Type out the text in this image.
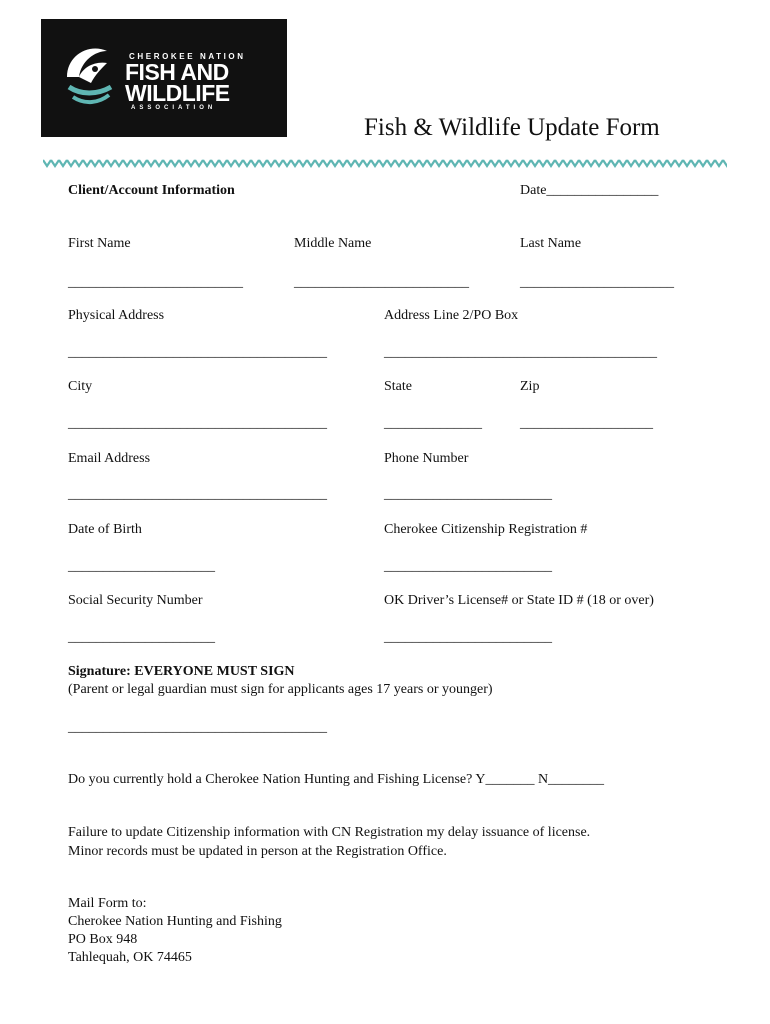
CHEROKEE NATION
FISH AND
WILDLIFE
ASSOCIATION
Fish & Wildlife Update Form
Client/Account Information	Date________________
First Name	Middle Name	Last Name
_________________________	_________________________	______________________
Physical Address	Address Line 2/PO Box
_____________________________________	_______________________________________
City	State	Zip
_____________________________________	______________	___________________
Email Address	Phone Number
_____________________________________	________________________
Date of Birth	Cherokee Citizenship Registration #
_____________________	________________________
Social Security Number	OK Driver’s License# or State ID # (18 or over)
_____________________	________________________
Signature: EVERYONE MUST SIGN
(Parent or legal guardian must sign for applicants ages 17 years or younger)
_____________________________________
Do you currently hold a Cherokee Nation Hunting and Fishing License? Y_______ N________
Failure to update Citizenship information with CN Registration my delay issuance of license.
Minor records must be updated in person at the Registration Office.
Mail Form to:
Cherokee Nation Hunting and Fishing
PO Box 948
Tahlequah, OK 74465
